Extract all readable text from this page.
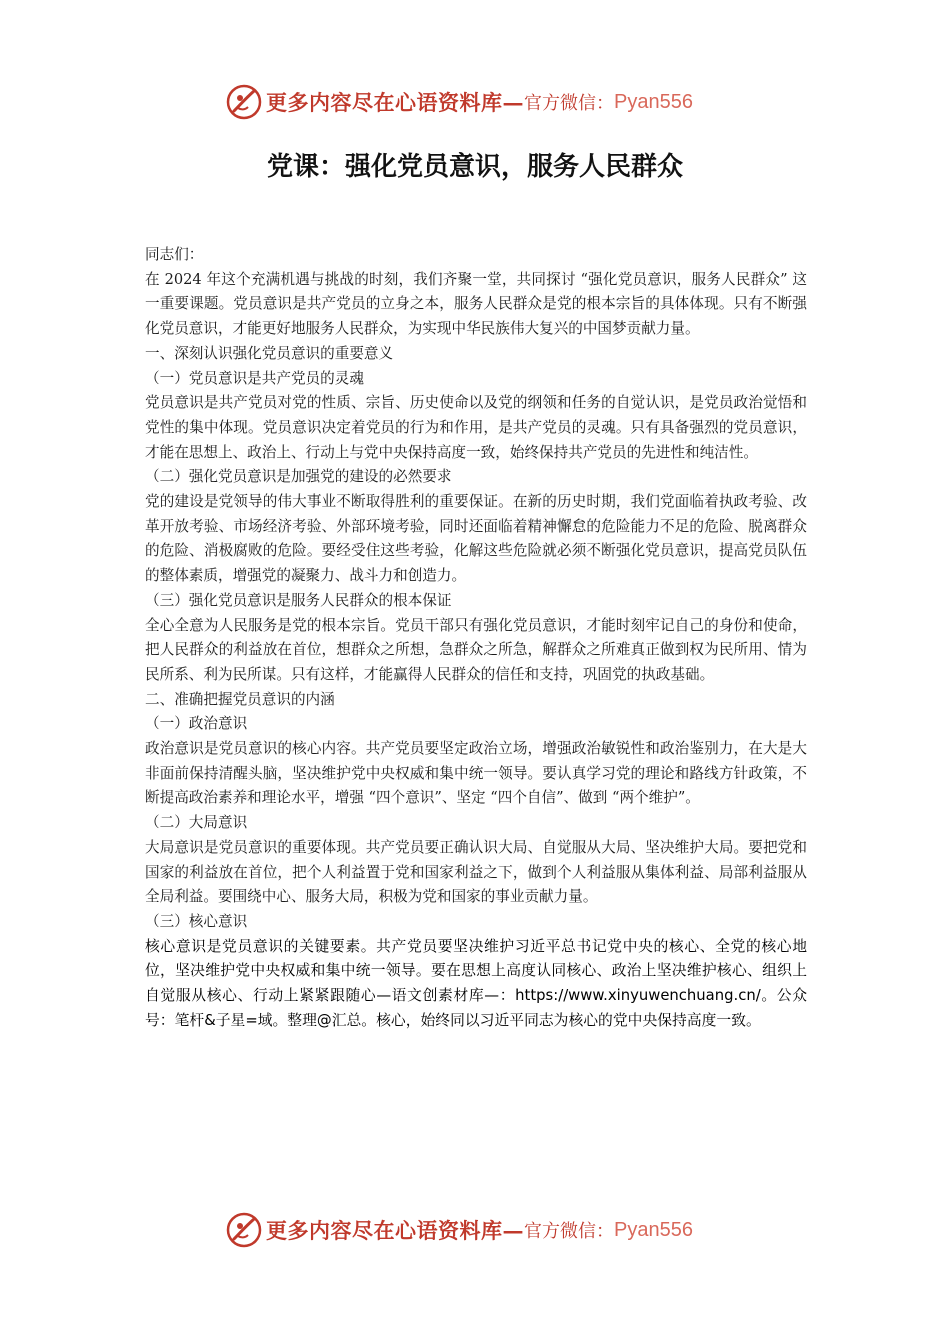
更多内容尽在心语资料库— 官方微信： Pyan556
党课：强化党员意识，服务人民群众

同志们：

在 2024 年这个充满机遇与挑战的时刻，我们齐聚一堂，共同探讨 “强化党员意识，服务人民群众” 这一重要课题。党员意识是共产党员的立身之本，服务人民群众是党的根本宗旨的具体体现。只有不断强化党员意识，才能更好地服务人民群众，为实现中华民族伟大复兴的中国梦贡献力量。

一、深刻认识强化党员意识的重要意义

（一）党员意识是共产党员的灵魂

党员意识是共产党员对党的性质、宗旨、历史使命以及党的纲领和任务的自觉认识，是党员政治觉悟和党性的集中体现。党员意识决定着党员的行为和作用，是共产党员的灵魂。只有具备强烈的党员意识，才能在思想上、政治上、行动上与党中央保持高度一致，始终保持共产党员的先进性和纯洁性。

（二）强化党员意识是加强党的建设的必然要求

党的建设是党领导的伟大事业不断取得胜利的重要保证。在新的历史时期，我们党面临着执政考验、改革开放考验、市场经济考验、外部环境考验，同时还面临着精神懈怠的危险能力不足的危险、脱离群众的危险、消极腐败的危险。要经受住这些考验，化解这些危险就必须不断强化党员意识，提高党员队伍的整体素质，增强党的凝聚力、战斗力和创造力。

（三）强化党员意识是服务人民群众的根本保证

全心全意为人民服务是党的根本宗旨。党员干部只有强化党员意识，才能时刻牢记自己的身份和使命，把人民群众的利益放在首位，想群众之所想，急群众之所急，解群众之所难真正做到权为民所用、情为民所系、利为民所谋。只有这样，才能赢得人民群众的信任和支持，巩固党的执政基础。

二、准确把握党员意识的内涵

（一）政治意识

政治意识是党员意识的核心内容。共产党员要坚定政治立场，增强政治敏锐性和政治鉴别力，在大是大非面前保持清醒头脑，坚决维护党中央权威和集中统一领导。要认真学习党的理论和路线方针政策，不断提高政治素养和理论水平，增强 “四个意识”、坚定 “四个自信”、做到 “两个维护”。

（二）大局意识

大局意识是党员意识的重要体现。共产党员要正确认识大局、自觉服从大局、坚决维护大局。要把党和国家的利益放在首位，把个人利益置于党和国家利益之下，做到个人利益服从集体利益、局部利益服从全局利益。要围绕中心、服务大局，积极为党和国家的事业贡献力量。

（三）核心意识

核心意识是党员意识的关键要素。共产党员要坚决维护习近平总书记党中央的核心、全党的核心地位，坚决维护党中央权威和集中统一领导。要在思想上高度认同核心、政治上坚决维护核心、组织上自觉服从核心、行动上紧紧跟随心—语文创素材库—：https://www.xinyuwenchuang.cn/。公众号：笔杆&子星=域。整理@汇总。核心，始终同以习近平同志为核心的党中央保持高度一致。

更多内容尽在心语资料库— 官方微信： Pyan556
